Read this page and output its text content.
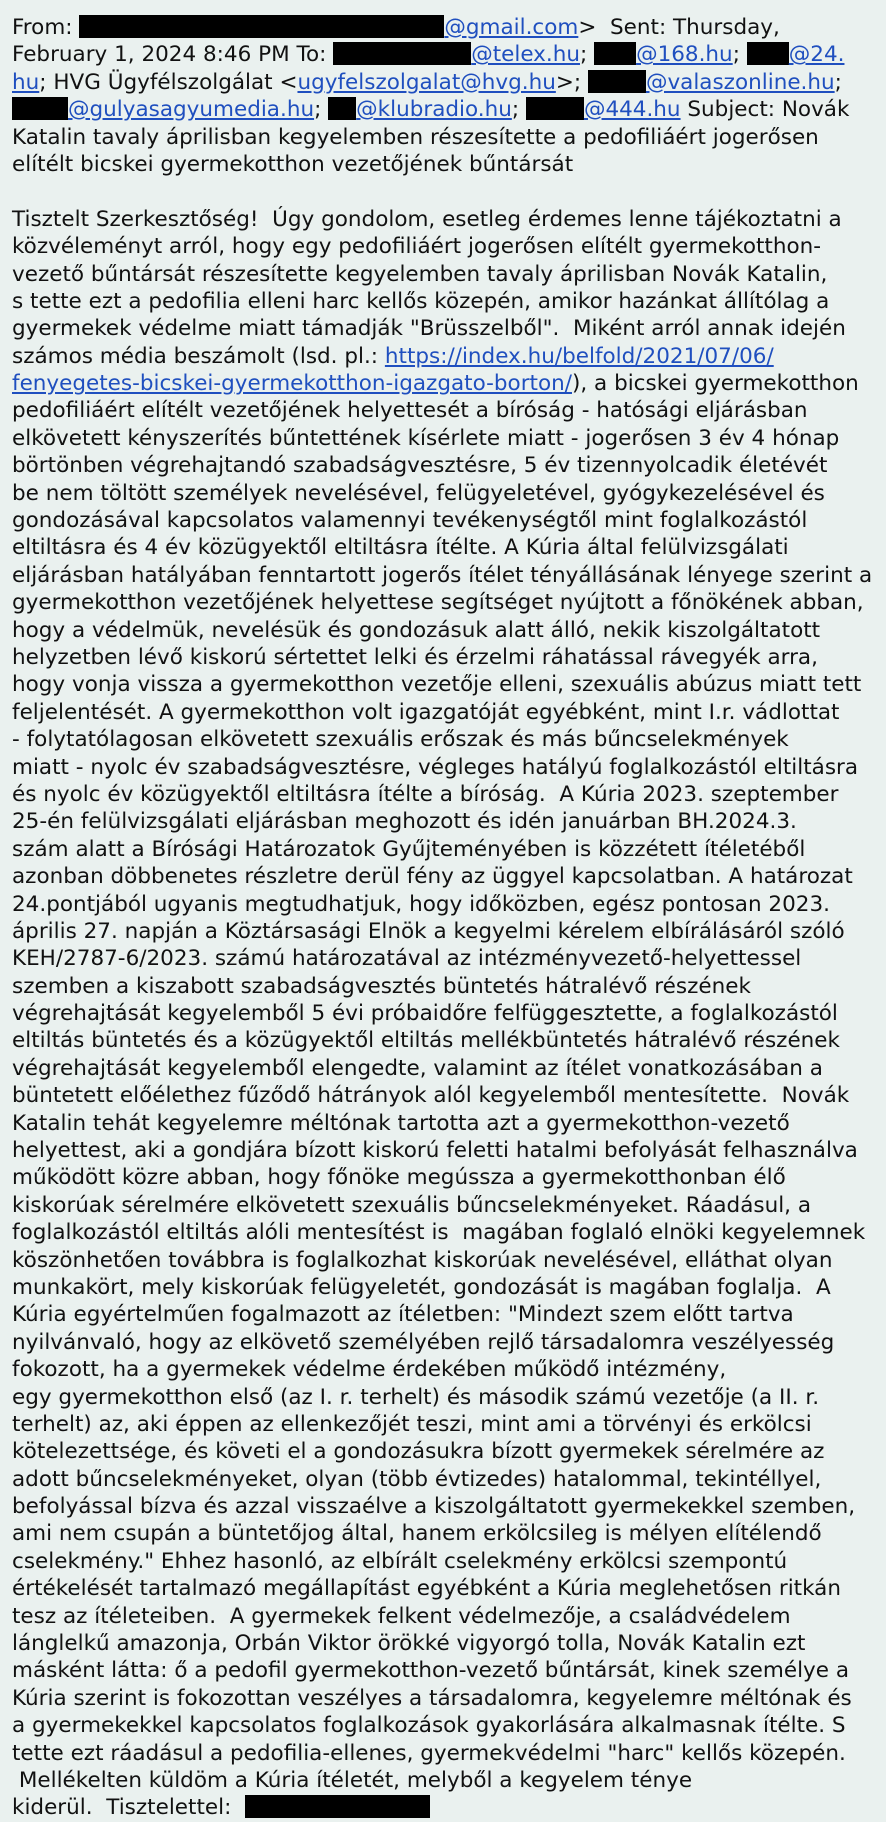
From:	@gmail.com>  Sent: Thursday,
February 1, 2024 8:46 PM To:	@telex.hu; @168.hu; @24.
hu; HVG Ügyfélszolgálat <ugyfelszolgalat@hvg.hu>;	@valaszonline.hu;
@gulyasagyumedia.hu; @klubradio.hu;	@444.hu Subject: Novák
Katalin tavaly áprilisban kegyelemben részesítette a pedofiliáért jogerősen
elítélt bicskei gyermekotthon vezetőjének bűntársát
Tisztelt Szerkesztőség!  Úgy gondolom, esetleg érdemes lenne tájékoztatni a
közvéleményt arról, hogy egy pedofiliáért jogerősen elítélt gyermekotthon-
vezető bűntársát részesítette kegyelemben tavaly áprilisban Novák Katalin,
s tette ezt a pedofilia elleni harc kellős közepén, amikor hazánkat állítólag a
gyermekek védelme miatt támadják "Brüsszelből".  Miként arról annak idején
számos média beszámolt (lsd. pl.: https://index.hu/belfold/2021/07/06/
fenyegetes-bicskei-gyermekotthon-igazgato-borton/), a bicskei gyermekotthon
pedofiliáért elítélt vezetőjének helyettesét a bíróság - hatósági eljárásban
elkövetett kényszerítés bűntettének kísérlete miatt - jogerősen 3 év 4 hónap
börtönben végrehajtandó szabadságvesztésre, 5 év tizennyolcadik életévét
be nem töltött személyek nevelésével, felügyeletével, gyógykezelésével és
gondozásával kapcsolatos valamennyi tevékenységtől mint foglalkozástól
eltiltásra és 4 év közügyektől eltiltásra ítélte. A Kúria által felülvizsgálati
eljárásban hatályában fenntartott jogerős ítélet tényállásának lényege szerint a
gyermekotthon vezetőjének helyettese segítséget nyújtott a főnökének abban,
hogy a védelmük, nevelésük és gondozásuk alatt álló, nekik kiszolgáltatott
helyzetben lévő kiskorú sértettet lelki és érzelmi ráhatással rávegyék arra,
hogy vonja vissza a gyermekotthon vezetője elleni, szexuális abúzus miatt tett
feljelentését. A gyermekotthon volt igazgatóját egyébként, mint I.r. vádlottat
- folytatólagosan elkövetett szexuális erőszak és más bűncselekmények
miatt - nyolc év szabadságvesztésre, végleges hatályú foglalkozástól eltiltásra
és nyolc év közügyektől eltiltásra ítélte a bíróság.  A Kúria 2023. szeptember
25-én felülvizsgálati eljárásban meghozott és idén januárban BH.2024.3.
szám alatt a Bírósági Határozatok Gyűjteményében is közzétett ítéletéből
azonban döbbenetes részletre derül fény az üggyel kapcsolatban. A határozat
24.pontjából ugyanis megtudhatjuk, hogy időközben, egész pontosan 2023.
április 27. napján a Köztársasági Elnök a kegyelmi kérelem elbírálásáról szóló
KEH/2787-6/2023. számú határozatával az intézményvezető-helyettessel
szemben a kiszabott szabadságvesztés büntetés hátralévő részének
végrehajtását kegyelemből 5 évi próbaidőre felfüggesztette, a foglalkozástól
eltiltás büntetés és a közügyektől eltiltás mellékbüntetés hátralévő részének
végrehajtását kegyelemből elengedte, valamint az ítélet vonatkozásában a
büntetett előélethez fűződő hátrányok alól kegyelemből mentesítette.  Novák
Katalin tehát kegyelemre méltónak tartotta azt a gyermekotthon-vezető
helyettest, aki a gondjára bízott kiskorú feletti hatalmi befolyását felhasználva
működött közre abban, hogy főnöke megússza a gyermekotthonban élő
kiskorúak sérelmére elkövetett szexuális bűncselekményeket. Ráadásul, a
foglalkozástól eltiltás alóli mentesítést is  magában foglaló elnöki kegyelemnek
köszönhetően továbbra is foglalkozhat kiskorúak nevelésével, elláthat olyan
munkakört, mely kiskorúak felügyeletét, gondozását is magában foglalja.  A
Kúria egyértelműen fogalmazott az ítéletben: "Mindezt szem előtt tartva
nyilvánvaló, hogy az elkövető személyében rejlő társadalomra veszélyesség
fokozott, ha a gyermekek védelme érdekében működő intézmény,
egy gyermekotthon első (az I. r. terhelt) és második számú vezetője (a II. r.
terhelt) az, aki éppen az ellenkezőjét teszi, mint ami a törvényi és erkölcsi
kötelezettsége, és követi el a gondozásukra bízott gyermekek sérelmére az
adott bűncselekményeket, olyan (több évtizedes) hatalommal, tekintéllyel,
befolyással bízva és azzal visszaélve a kiszolgáltatott gyermekekkel szemben,
ami nem csupán a büntetőjog által, hanem erkölcsileg is mélyen elítélendő
cselekmény." Ehhez hasonló, az elbírált cselekmény erkölcsi szempontú
értékelését tartalmazó megállapítást egyébként a Kúria meglehetősen ritkán
tesz az ítéleteiben.  A gyermekek felkent védelmezője, a családvédelem
lánglelkű amazonja, Orbán Viktor örökké vigyorgó tolla, Novák Katalin ezt
másként látta: ő a pedofil gyermekotthon-vezető bűntársát, kinek személye a
Kúria szerint is fokozottan veszélyes a társadalomra, kegyelemre méltónak és
a gyermekekkel kapcsolatos foglalkozások gyakorlására alkalmasnak ítélte. S
tette ezt ráadásul a pedofilia-ellenes, gyermekvédelmi "harc" kellős közepén.
Mellékelten küldöm a Kúria ítéletét, melyből a kegyelem ténye
kiderül.  Tisztelettel:
